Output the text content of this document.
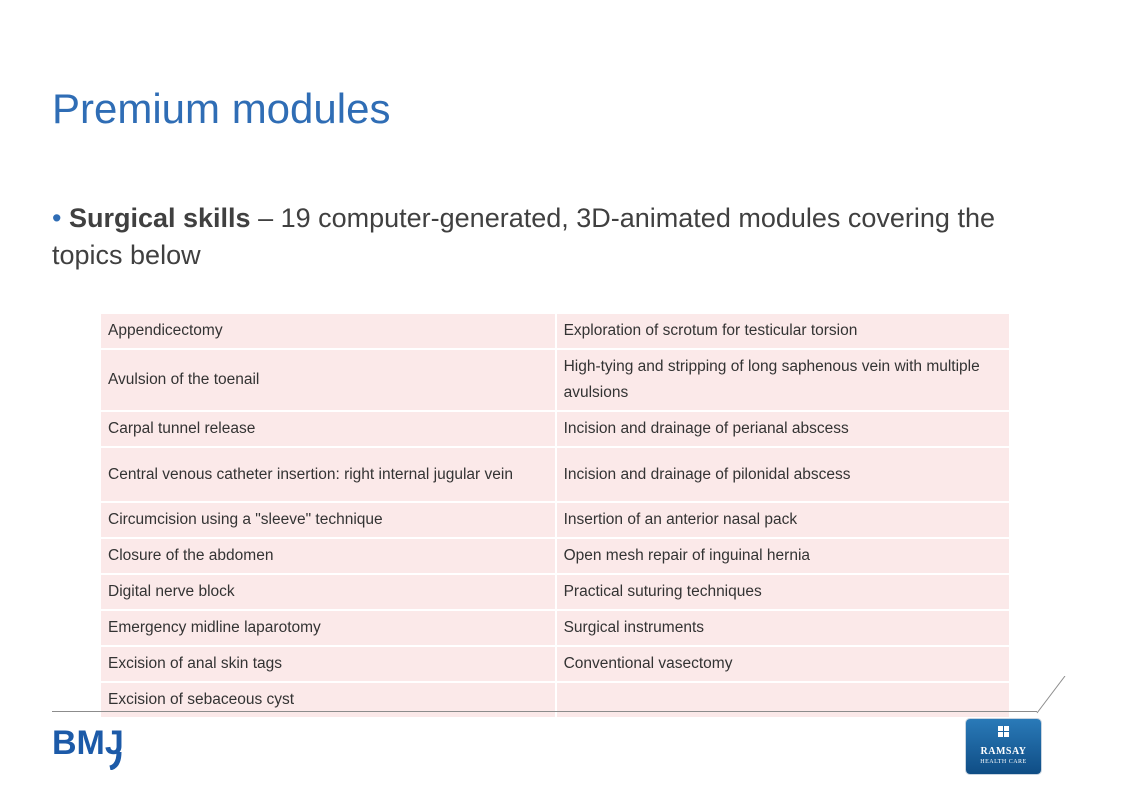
Premium modules
• Surgical skills – 19 computer-generated, 3D-animated modules covering the topics below
Appendicectomy	Exploration of scrotum for testicular torsion
Avulsion of the toenail	High-tying and stripping of long saphenous vein with multiple avulsions
Carpal tunnel release	Incision and drainage of perianal abscess
Central venous catheter insertion: right internal jugular vein	Incision and drainage of pilonidal abscess
Circumcision using a "sleeve" technique	Insertion of an anterior nasal pack
Closure of the abdomen	Open mesh repair of inguinal hernia
Digital nerve block	Practical suturing techniques
Emergency midline laparotomy	Surgical instruments
Excision of anal skin tags	Conventional vasectomy
Excision of sebaceous cyst	
BMJ	RAMSAY
HEALTH CARE
